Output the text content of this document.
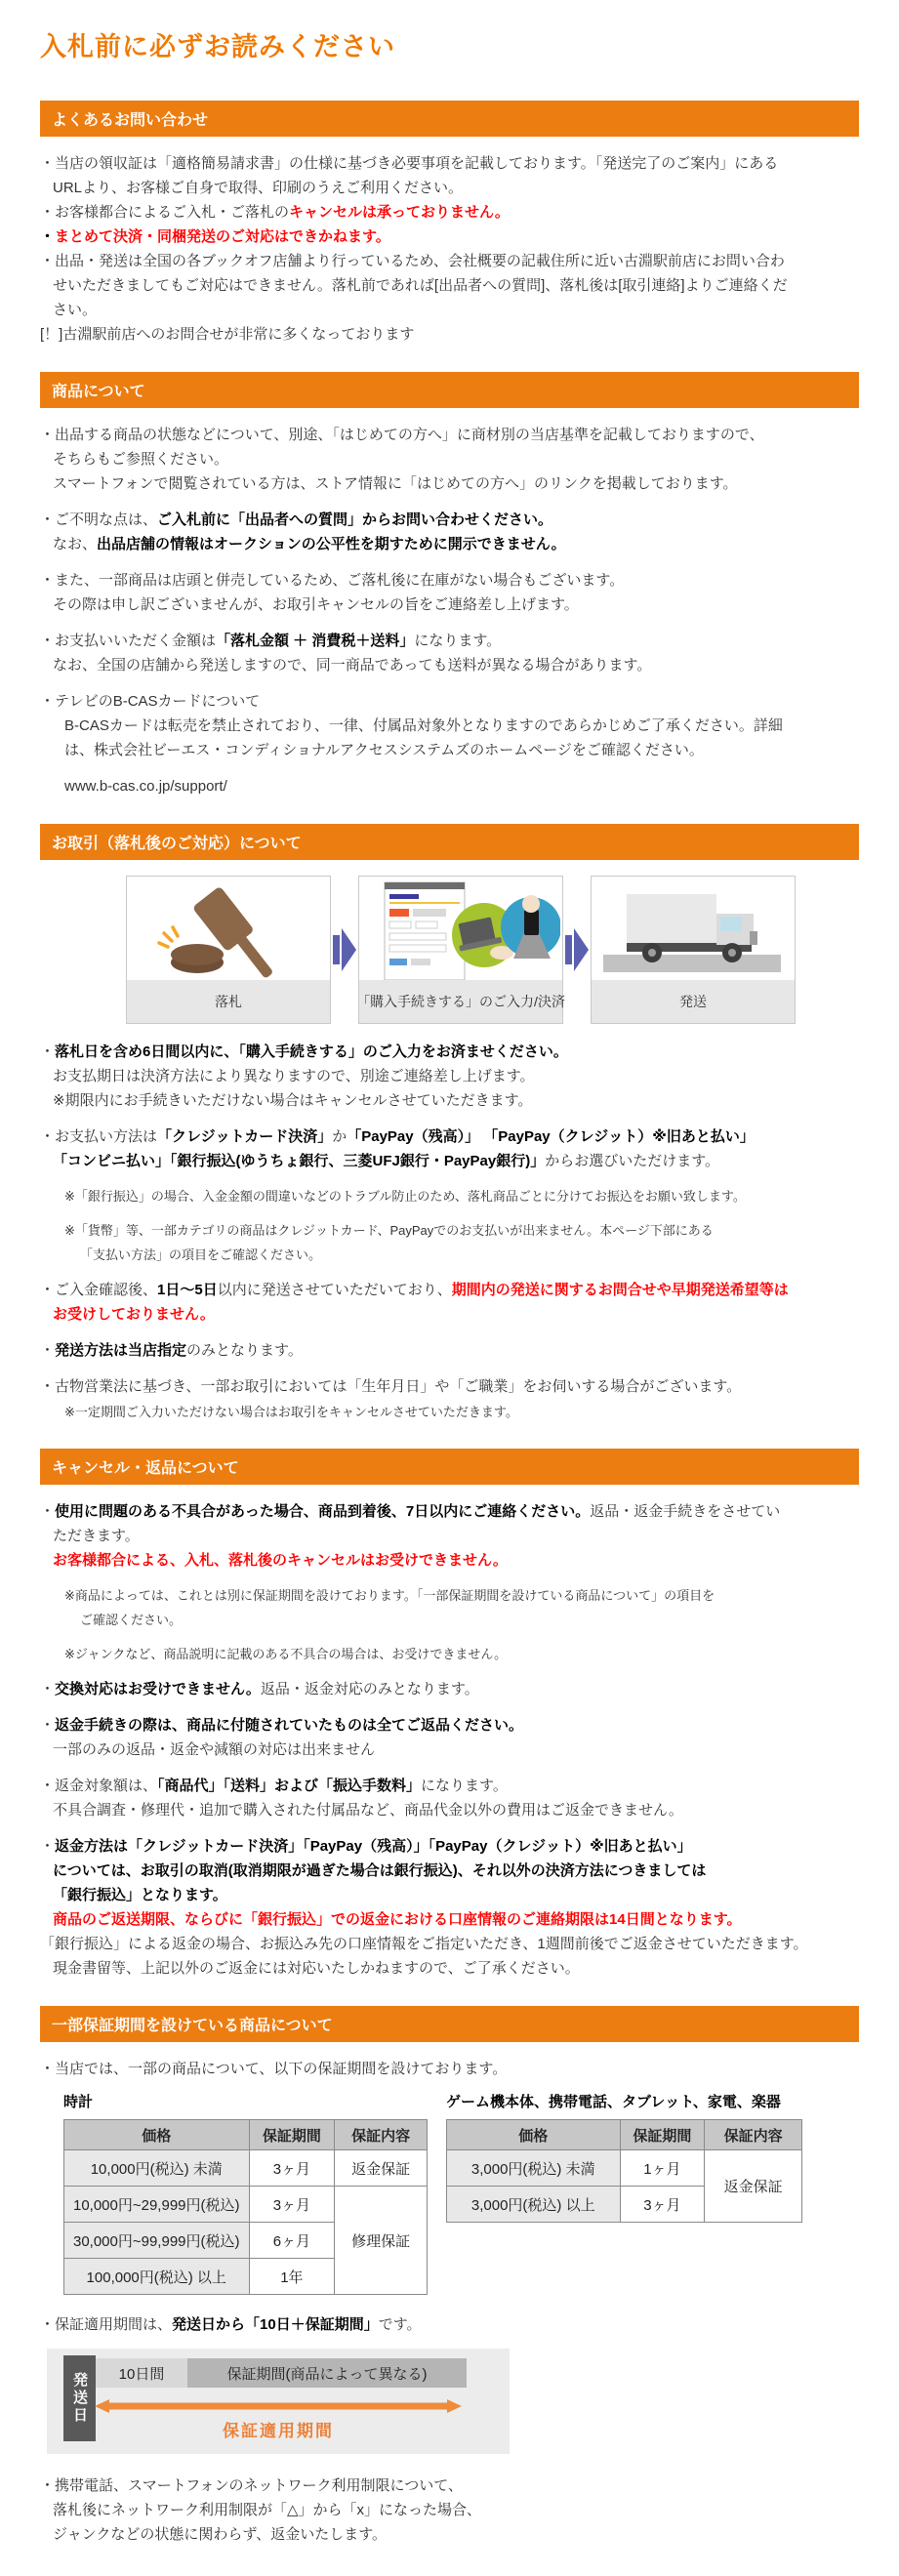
入札前に必ずお読みください
よくあるお問い合わせ
・当店の領収証は「適格簡易請求書」の仕様に基づき必要事項を記載しております。「発送完了のご案内」にある
URLより、お客様ご自身で取得、印刷のうえご利用ください。
・お客様都合によるご入札・ご落札のキャンセルは承っておりません。
・まとめて決済・同梱発送のご対応はできかねます。
・出品・発送は全国の各ブックオフ店舗より行っているため、会社概要の記載住所に近い古淵駅前店にお問い合わ
せいただきましてもご対応はできません。落札前であれば[出品者への質問]、落札後は[取引連絡]よりご連絡くだ
さい。
[！]古淵駅前店へのお問合せが非常に多くなっております
商品について
・出品する商品の状態などについて、別途、「はじめての方へ」に商材別の当店基準を記載しておりますので、
そちらもご参照ください。
スマートフォンで閲覧されている方は、ストア情報に「はじめての方へ」のリンクを掲載しております。
・ご不明な点は、ご入札前に「出品者への質問」からお問い合わせください。
なお、出品店舗の情報はオークションの公平性を期すために開示できません。
・また、一部商品は店頭と併売しているため、ご落札後に在庫がない場合もございます。
その際は申し訳ございませんが、お取引キャンセルの旨をご連絡差し上げます。
・お支払いいただく金額は「落札金額 ＋ 消費税＋送料」になります。
なお、全国の店舗から発送しますので、同一商品であっても送料が異なる場合があります。
・テレビのB-CASカードについて
B-CASカードは転売を禁止されており、一律、付属品対象外となりますのであらかじめご了承ください。詳細
は、株式会社ビーエス・コンディショナルアクセスシステムズのホームページをご確認ください。
www.b-cas.co.jp/support/
お取引（落札後のご対応）について
落札	「購入手続きする」のご入力/決済	発送
・落札日を含め6日間以内に、「購入手続きする」のご入力をお済ませください。
お支払期日は決済方法により異なりますので、別途ご連絡差し上げます。
※期限内にお手続きいただけない場合はキャンセルさせていただきます。
・お支払い方法は「クレジットカード決済」か「PayPay（残高）」 「PayPay（クレジット）※旧あと払い」
「コンビニ払い」「銀行振込(ゆうちょ銀行、三菱UFJ銀行・PayPay銀行)」からお選びいただけます。
※「銀行振込」の場合、入金金額の間違いなどのトラブル防止のため、落札商品ごとに分けてお振込をお願い致します。
※「貨幣」等、一部カテゴリの商品はクレジットカード、PayPayでのお支払いが出来ません。本ページ下部にある
「支払い方法」の項目をご確認ください。
・ご入金確認後、1日～5日以内に発送させていただいており、期間内の発送に関するお問合せや早期発送希望等は
お受けしておりません。
・発送方法は当店指定のみとなります。
・古物営業法に基づき、一部お取引においては「生年月日」や「ご職業」をお伺いする場合がございます。
※一定期間ご入力いただけない場合はお取引をキャンセルさせていただきます。
キャンセル・返品について
・使用に問題のある不具合があった場合、商品到着後、7日以内にご連絡ください。返品・返金手続きをさせてい
ただきます。
お客様都合による、入札、落札後のキャンセルはお受けできません。
※商品によっては、これとは別に保証期間を設けております。「一部保証期間を設けている商品について」の項目を
ご確認ください。
※ジャンクなど、商品説明に記載のある不具合の場合は、お受けできません。
・交換対応はお受けできません。返品・返金対応のみとなります。
・返金手続きの際は、商品に付随されていたものは全てご返品ください。
一部のみの返品・返金や減額の対応は出来ません
・返金対象額は、「商品代」「送料」および「振込手数料」になります。
不具合調査・修理代・追加で購入された付属品など、商品代金以外の費用はご返金できません。
・返金方法は「クレジットカード決済」「PayPay（残高）」「PayPay（クレジット）※旧あと払い」
については、お取引の取消(取消期限が過ぎた場合は銀行振込)、それ以外の決済方法につきましては
「銀行振込」となります。
商品のご返送期限、ならびに「銀行振込」での返金における口座情報のご連絡期限は14日間となります。
「銀行振込」による返金の場合、お振込み先の口座情報をご指定いただき、1週間前後でご返金させていただきます。
現金書留等、上記以外のご返金には対応いたしかねますので、ご了承ください。
一部保証期間を設けている商品について
・当店では、一部の商品について、以下の保証期間を設けております。
時計
価格	保証期間	保証内容
10,000円(税込) 未満	3ヶ月	返金保証
10,000円~29,999円(税込)	3ヶ月	修理保証
30,000円~99,999円(税込)	6ヶ月	
100,000円(税込) 以上	1年	
ゲーム機本体、携帯電話、タブレット、家電、楽器
価格	保証期間	保証内容
3,000円(税込) 未満	1ヶ月	返金保証
3,000円(税込) 以上	3ヶ月	
・保証適用期間は、発送日から「10日＋保証期間」です。
発送日	10日間	保証期間(商品によって異なる)
保証適用期間
・携帯電話、スマートフォンのネットワーク利用制限について、
落札後にネットワーク利用制限が「△」から「x」になった場合、
ジャンクなどの状態に関わらず、返金いたします。
